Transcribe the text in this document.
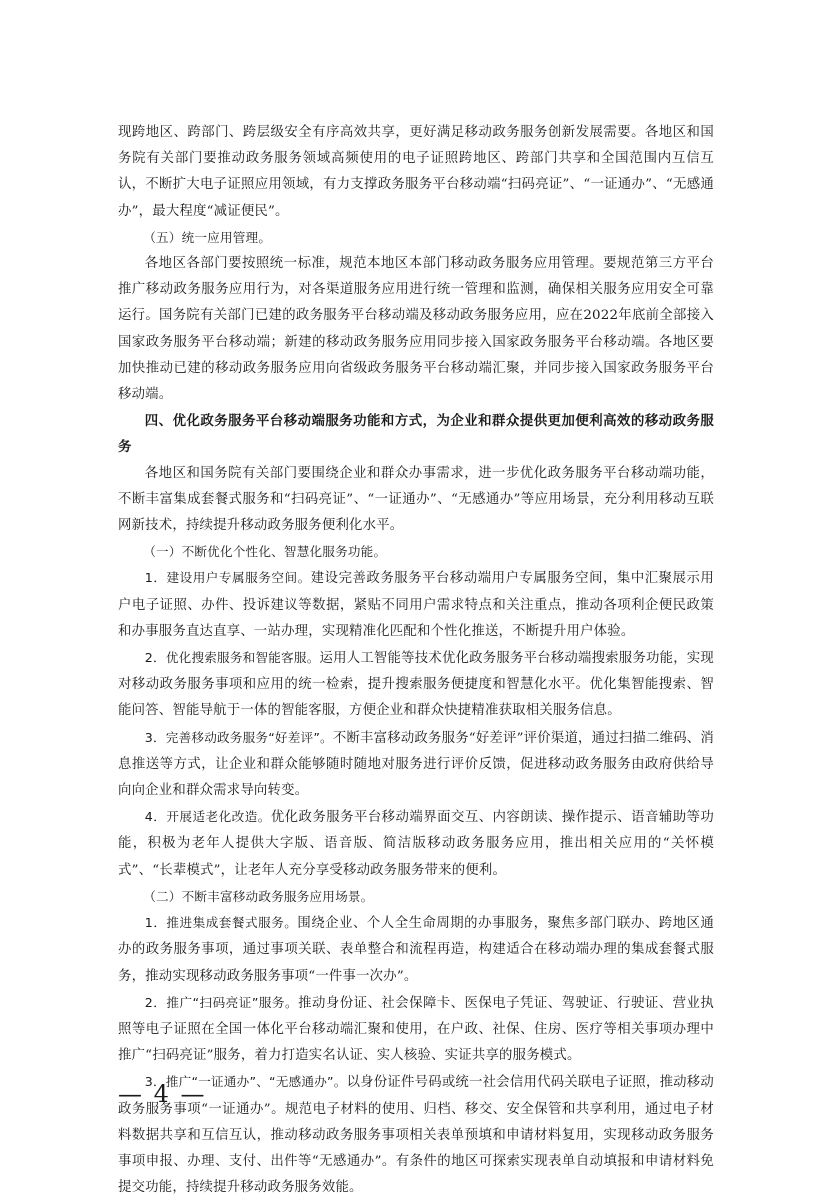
现跨地区、跨部门、跨层级安全有序高效共享，更好满足移动政务服务创新发展需要。各地区和国务院有关部门要推动政务服务领域高频使用的电子证照跨地区、跨部门共享和全国范围内互信互认，不断扩大电子证照应用领域，有力支撑政务服务平台移动端“扫码亮证”、“一证通办”、“无感通办”，最大程度“减证便民”。

（五）统一应用管理。

各地区各部门要按照统一标准，规范本地区本部门移动政务服务应用管理。要规范第三方平台推广移动政务服务应用行为，对各渠道服务应用进行统一管理和监测，确保相关服务应用安全可靠运行。国务院有关部门已建的政务服务平台移动端及移动政务服务应用，应在2022年底前全部接入国家政务服务平台移动端；新建的移动政务服务应用同步接入国家政务服务平台移动端。各地区要加快推动已建的移动政务服务应用向省级政务服务平台移动端汇聚，并同步接入国家政务服务平台移动端。

四、优化政务服务平台移动端服务功能和方式，为企业和群众提供更加便利高效的移动政务服务

各地区和国务院有关部门要围绕企业和群众办事需求，进一步优化政务服务平台移动端功能，不断丰富集成套餐式服务和“扫码亮证”、“一证通办”、“无感通办”等应用场景，充分利用移动互联网新技术，持续提升移动政务服务便利化水平。

（一）不断优化个性化、智慧化服务功能。

1．建设用户专属服务空间。建设完善政务服务平台移动端用户专属服务空间，集中汇聚展示用户电子证照、办件、投诉建议等数据，紧贴不同用户需求特点和关注重点，推动各项利企便民政策和办事服务直达直享、一站办理，实现精准化匹配和个性化推送，不断提升用户体验。

2．优化搜索服务和智能客服。运用人工智能等技术优化政务服务平台移动端搜索服务功能，实现对移动政务服务事项和应用的统一检索，提升搜索服务便捷度和智慧化水平。优化集智能搜索、智能问答、智能导航于一体的智能客服，方便企业和群众快捷精准获取相关服务信息。

3．完善移动政务服务“好差评”。不断丰富移动政务服务“好差评”评价渠道，通过扫描二维码、消息推送等方式，让企业和群众能够随时随地对服务进行评价反馈，促进移动政务服务由政府供给导向向企业和群众需求导向转变。

4．开展适老化改造。优化政务服务平台移动端界面交互、内容朗读、操作提示、语音辅助等功能，积极为老年人提供大字版、语音版、简洁版移动政务服务应用，推出相关应用的“关怀模式”、“长辈模式”，让老年人充分享受移动政务服务带来的便利。

（二）不断丰富移动政务服务应用场景。

1．推进集成套餐式服务。围绕企业、个人全生命周期的办事服务，聚焦多部门联办、跨地区通办的政务服务事项，通过事项关联、表单整合和流程再造，构建适合在移动端办理的集成套餐式服务，推动实现移动政务服务事项“一件事一次办”。

2．推广“扫码亮证”服务。推动身份证、社会保障卡、医保电子凭证、驾驶证、行驶证、营业执照等电子证照在全国一体化平台移动端汇聚和使用，在户政、社保、住房、医疗等相关事项办理中推广“扫码亮证”服务，着力打造实名认证、实人核验、实证共享的服务模式。

3．推广“一证通办”、“无感通办”。以身份证件号码或统一社会信用代码关联电子证照，推动移动政务服务事项“一证通办”。规范电子材料的使用、归档、移交、安全保管和共享利用，通过电子材料数据共享和互信互认，推动移动政务服务事项相关表单预填和申请材料复用，实现移动政务服务事项申报、办理、支付、出件等“无感通办”。有条件的地区可探索实现表单自动填报和申请材料免提交功能，持续提升移动政务服务效能。

— 4 —
